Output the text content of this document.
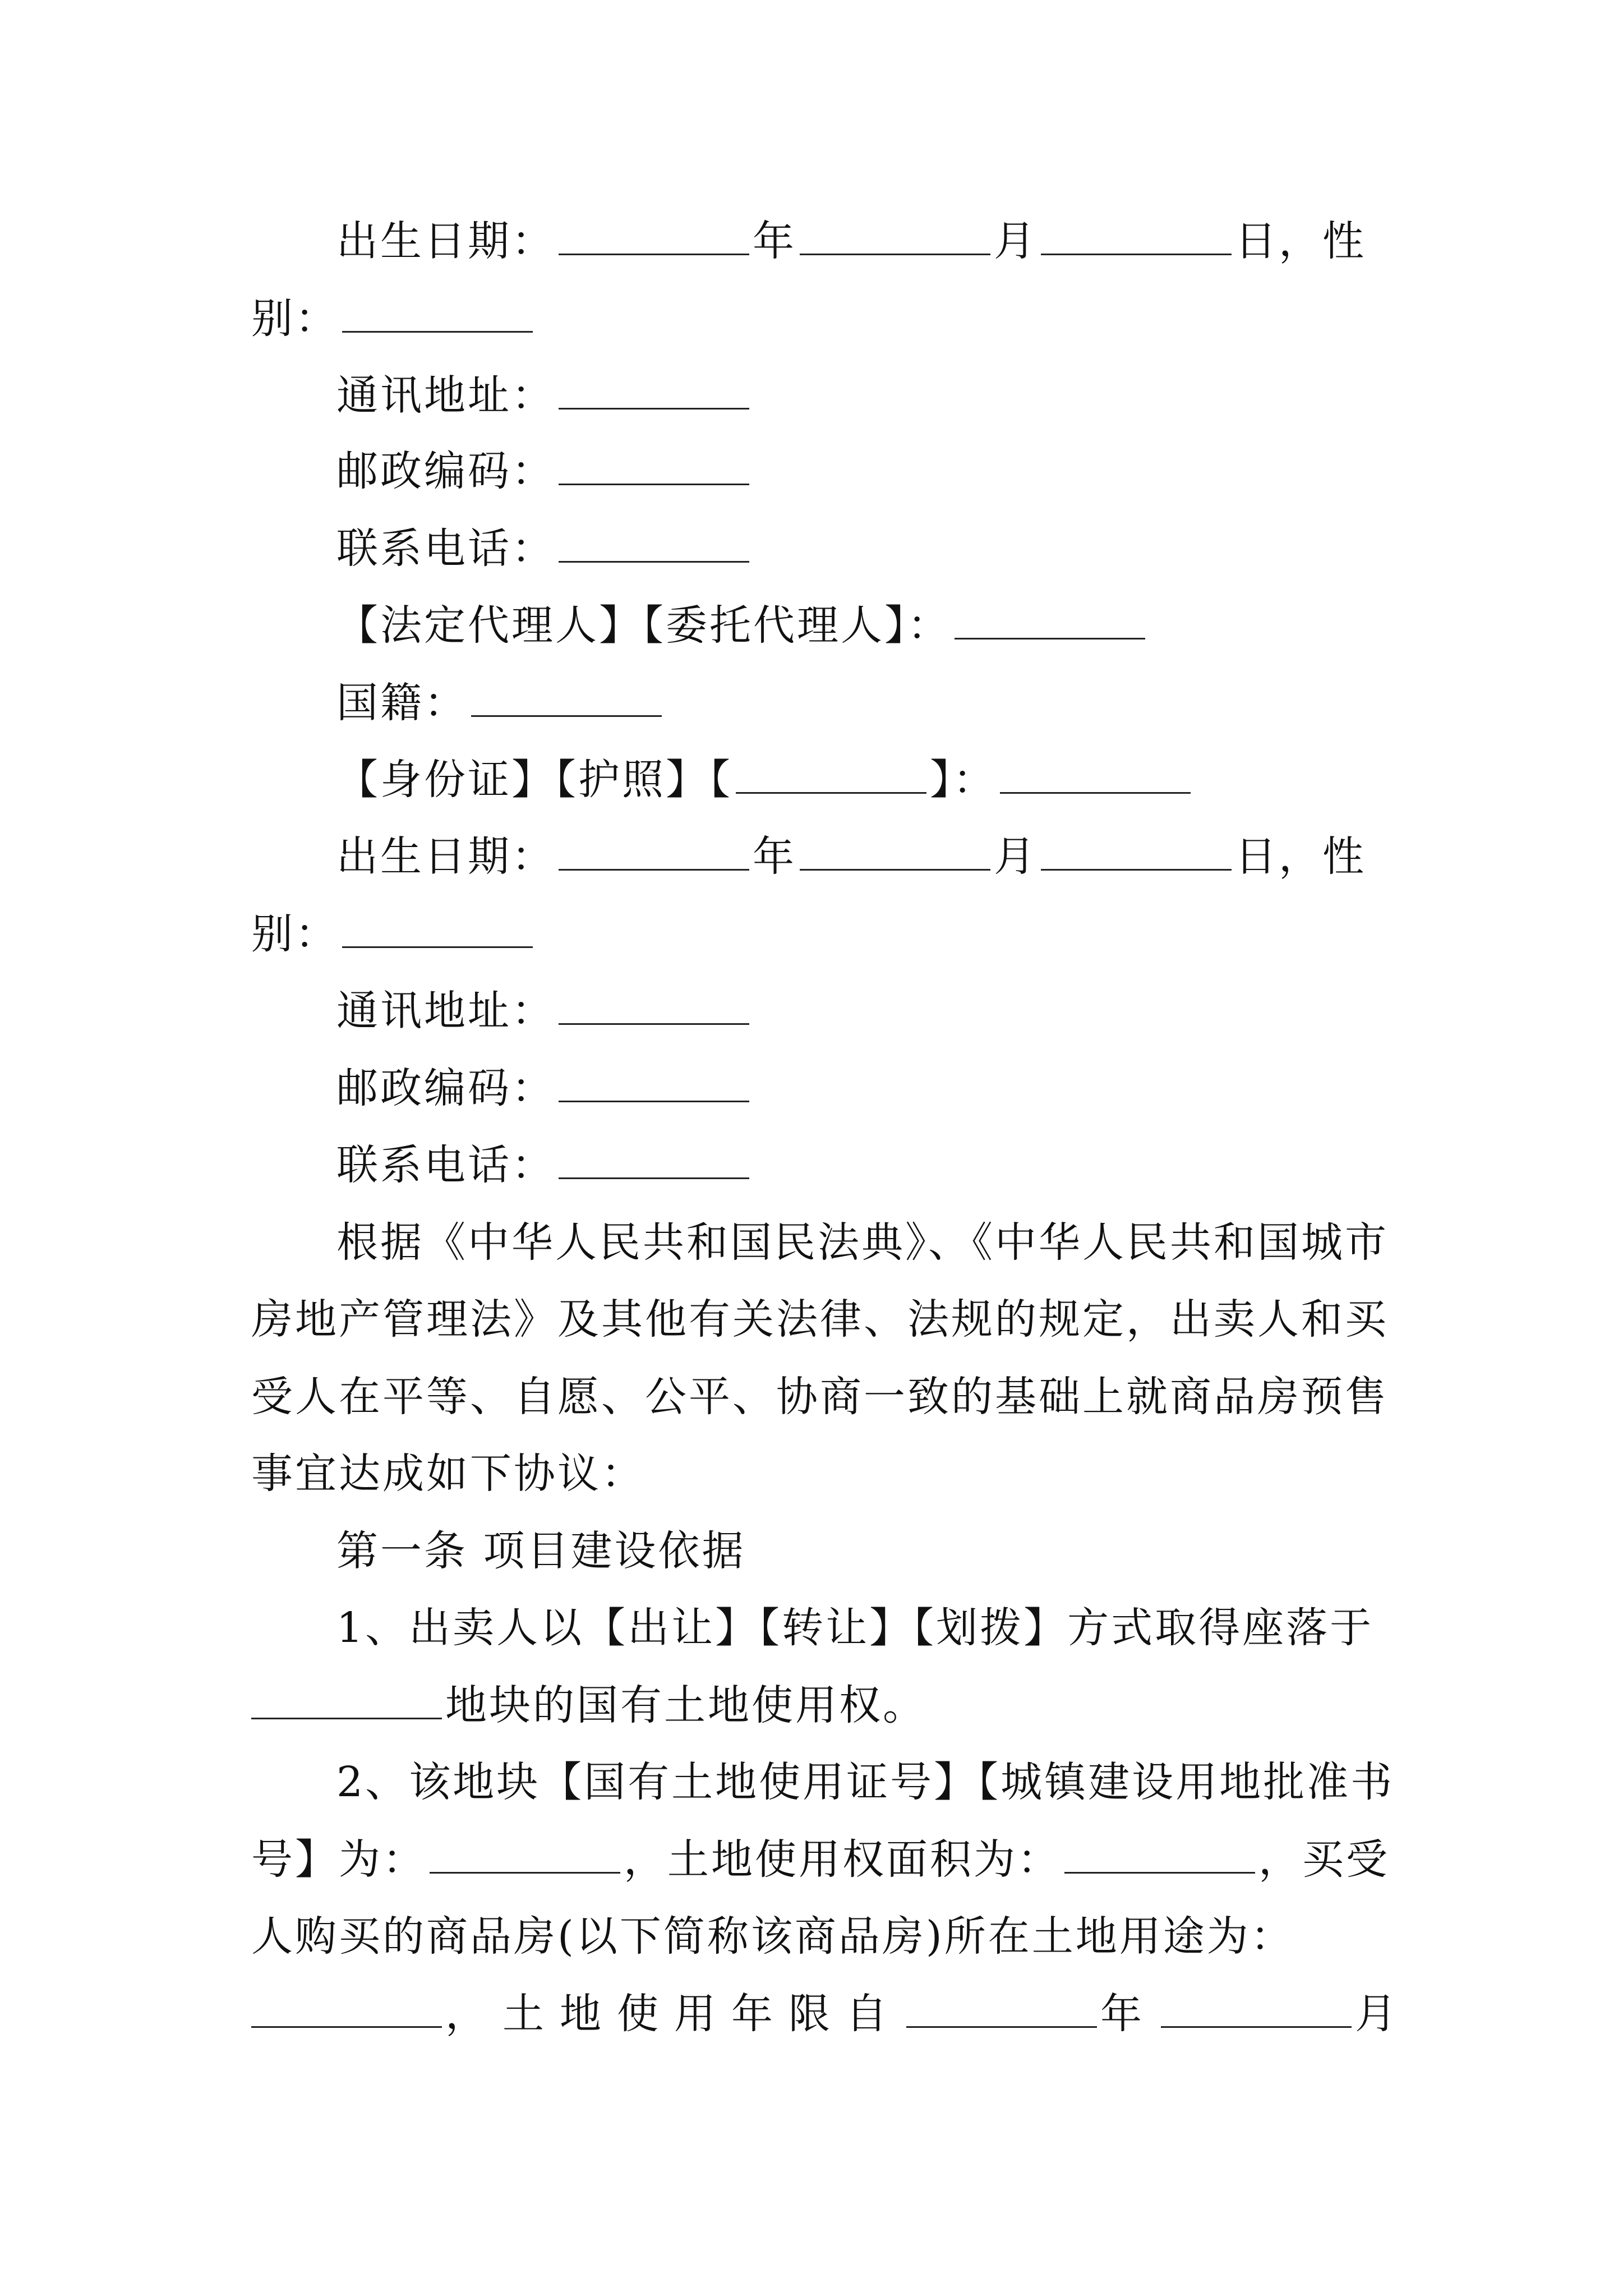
出生日期：	年	月	日，性
别：
通讯地址：
邮政编码：
联系电话：
【法定代理人】【委托代理人】：
国籍：
【身份证】【护照】【	】：
出生日期：	年	月	日，性
别：
通讯地址：
邮政编码：
联系电话：
根据《中华人民共和国民法典》、《中华人民共和国城市
房地产管理法》及其他有关法律、法规的规定，出卖人和买
受人在平等、自愿、公平、协商一致的基础上就商品房预售
事宜达成如下协议：
第一条 项目建设依据
1、出卖人以【出让】【转让】【划拨】方式取得座落于
地块的国有土地使用权。
2、该地块【国有土地使用证号】【城镇建设用地批准书
号】为：	，土地使用权面积为：	，买受
人购买的商品房(以下简称该商品房)所在土地用途为：
，土地使用年限自	年	月
